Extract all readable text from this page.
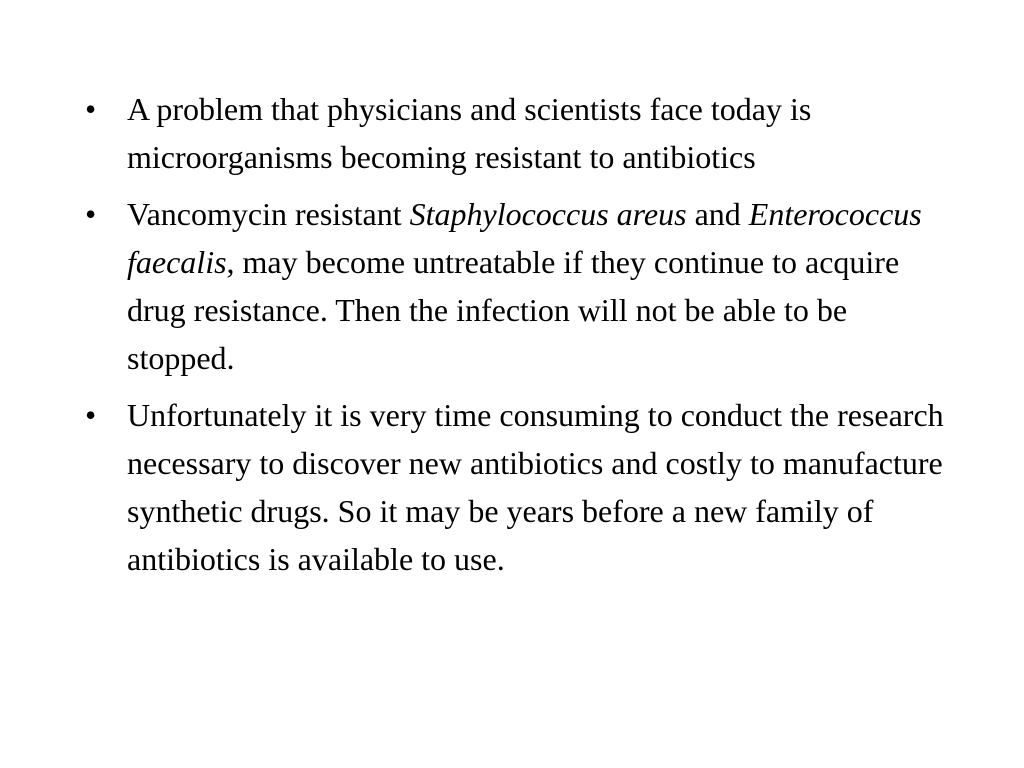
• A problem that physicians and scientists face today is microorganisms becoming resistant to antibiotics
• Vancomycin resistant Staphylococcus areus and Enterococcus faecalis, may become untreatable if they continue to acquire drug resistance. Then the infection will not be able to be stopped.
• Unfortunately it is very time consuming to conduct the research necessary to discover new antibiotics and costly to manufacture synthetic drugs. So it may be years before a new family of antibiotics is available to use.
